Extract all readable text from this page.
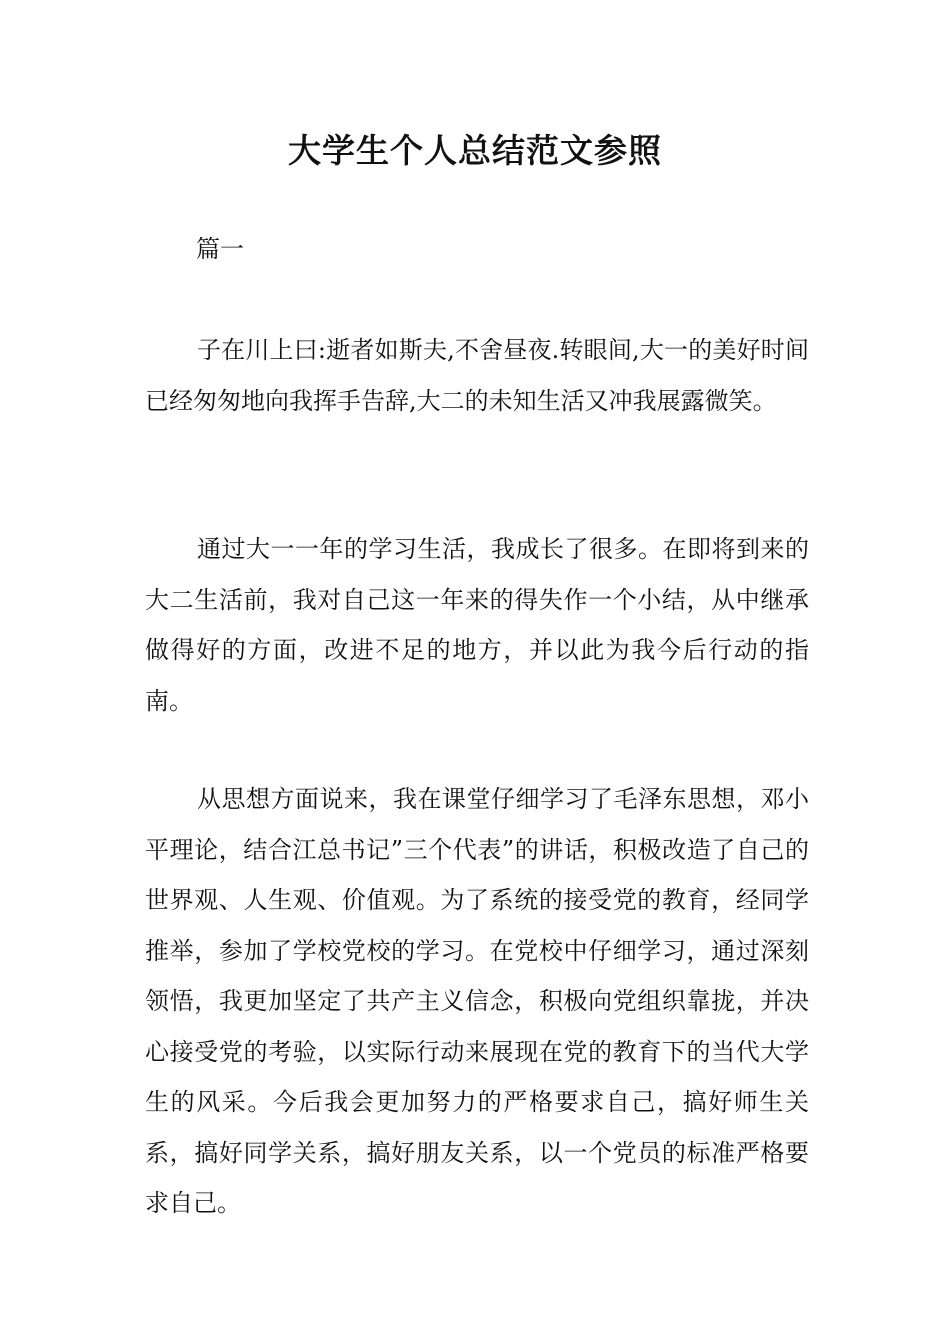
大学生个人总结范文参照
篇一

子在川上曰:逝者如斯夫,不舍昼夜.转眼间,大一的美好时间已经匆匆地向我挥手告辞,大二的未知生活又冲我展露微笑。

通过大一一年的学习生活，我成长了很多。在即将到来的大二生活前，我对自己这一年来的得失作一个小结，从中继承做得好的方面，改进不足的地方，并以此为我今后行动的指南。

从思想方面说来，我在课堂仔细学习了毛泽东思想，邓小平理论，结合江总书记”三个代表”的讲话，积极改造了自己的世界观、人生观、价值观。为了系统的接受党的教育，经同学推举，参加了学校党校的学习。在党校中仔细学习，通过深刻领悟，我更加坚定了共产主义信念，积极向党组织靠拢，并决心接受党的考验，以实际行动来展现在党的教育下的当代大学生的风采。今后我会更加努力的严格要求自己，搞好师生关系，搞好同学关系，搞好朋友关系，以一个党员的标准严格要求自己。
